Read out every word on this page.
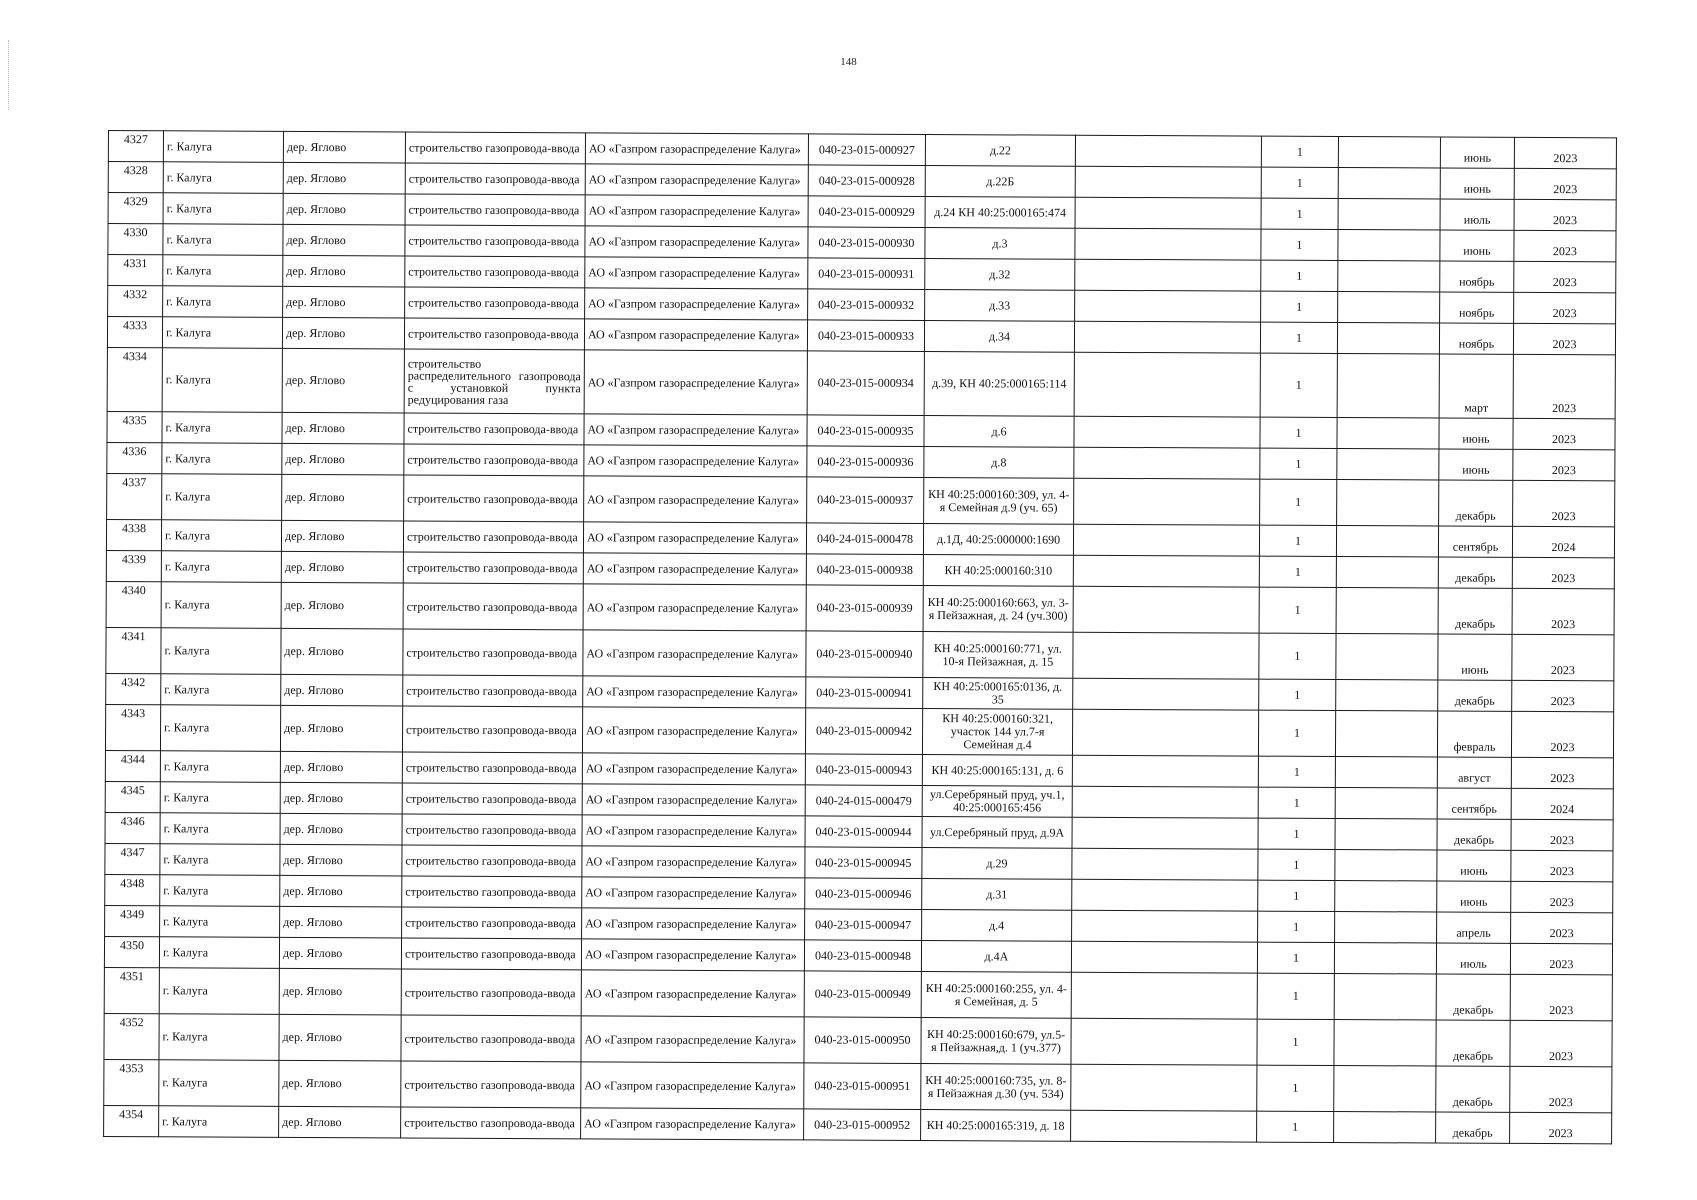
148
4327	г. Калуга	дер. Яглово	строительство газопровода-ввода	АО «Газпром газораспределение Калуга»	040-23-015-000927	д.22		1		июнь	2023
4328	г. Калуга	дер. Яглово	строительство газопровода-ввода	АО «Газпром газораспределение Калуга»	040-23-015-000928	д.22Б		1		июнь	2023
4329	г. Калуга	дер. Яглово	строительство газопровода-ввода	АО «Газпром газораспределение Калуга»	040-23-015-000929	д.24 КН 40:25:000165:474		1		июль	2023
4330	г. Калуга	дер. Яглово	строительство газопровода-ввода	АО «Газпром газораспределение Калуга»	040-23-015-000930	д.3		1		июнь	2023
4331	г. Калуга	дер. Яглово	строительство газопровода-ввода	АО «Газпром газораспределение Калуга»	040-23-015-000931	д.32		1		ноябрь	2023
4332	г. Калуга	дер. Яглово	строительство газопровода-ввода	АО «Газпром газораспределение Калуга»	040-23-015-000932	д.33		1		ноябрь	2023
4333	г. Калуга	дер. Яглово	строительство газопровода-ввода	АО «Газпром газораспределение Калуга»	040-23-015-000933	д.34		1		ноябрь	2023
4334	г. Калуга	дер. Яглово	строительство распределительного газопровода с установкой пункта редуцирования газа	АО «Газпром газораспределение Калуга»	040-23-015-000934	д.39, КН 40:25:000165:114		1		март	2023
4335	г. Калуга	дер. Яглово	строительство газопровода-ввода	АО «Газпром газораспределение Калуга»	040-23-015-000935	д.6		1		июнь	2023
4336	г. Калуга	дер. Яглово	строительство газопровода-ввода	АО «Газпром газораспределение Калуга»	040-23-015-000936	д.8		1		июнь	2023
4337	г. Калуга	дер. Яглово	строительство газопровода-ввода	АО «Газпром газораспределение Калуга»	040-23-015-000937	КН 40:25:000160:309, ул. 4-я Семейная д.9 (уч. 65)		1		декабрь	2023
4338	г. Калуга	дер. Яглово	строительство газопровода-ввода	АО «Газпром газораспределение Калуга»	040-24-015-000478	д.1Д, 40:25:000000:1690		1		сентябрь	2024
4339	г. Калуга	дер. Яглово	строительство газопровода-ввода	АО «Газпром газораспределение Калуга»	040-23-015-000938	КН 40:25:000160:310		1		декабрь	2023
4340	г. Калуга	дер. Яглово	строительство газопровода-ввода	АО «Газпром газораспределение Калуга»	040-23-015-000939	КН 40:25:000160:663, ул. 3-я Пейзажная, д. 24 (уч.300)		1		декабрь	2023
4341	г. Калуга	дер. Яглово	строительство газопровода-ввода	АО «Газпром газораспределение Калуга»	040-23-015-000940	КН 40:25:000160:771, ул. 10-я Пейзажная, д. 15		1		июнь	2023
4342	г. Калуга	дер. Яглово	строительство газопровода-ввода	АО «Газпром газораспределение Калуга»	040-23-015-000941	КН 40:25:000165:0136, д. 35		1		декабрь	2023
4343	г. Калуга	дер. Яглово	строительство газопровода-ввода	АО «Газпром газораспределение Калуга»	040-23-015-000942	КН 40:25:000160:321, участок 144 ул.7-я Семейная д.4		1		февраль	2023
4344	г. Калуга	дер. Яглово	строительство газопровода-ввода	АО «Газпром газораспределение Калуга»	040-23-015-000943	КН 40:25:000165:131, д. 6		1		август	2023
4345	г. Калуга	дер. Яглово	строительство газопровода-ввода	АО «Газпром газораспределение Калуга»	040-24-015-000479	ул.Серебряный пруд, уч.1, 40:25:000165:456		1		сентябрь	2024
4346	г. Калуга	дер. Яглово	строительство газопровода-ввода	АО «Газпром газораспределение Калуга»	040-23-015-000944	ул.Серебряный пруд, д.9А		1		декабрь	2023
4347	г. Калуга	дер. Яглово	строительство газопровода-ввода	АО «Газпром газораспределение Калуга»	040-23-015-000945	д.29		1		июнь	2023
4348	г. Калуга	дер. Яглово	строительство газопровода-ввода	АО «Газпром газораспределение Калуга»	040-23-015-000946	д.31		1		июнь	2023
4349	г. Калуга	дер. Яглово	строительство газопровода-ввода	АО «Газпром газораспределение Калуга»	040-23-015-000947	д.4		1		апрель	2023
4350	г. Калуга	дер. Яглово	строительство газопровода-ввода	АО «Газпром газораспределение Калуга»	040-23-015-000948	д.4А		1		июль	2023
4351	г. Калуга	дер. Яглово	строительство газопровода-ввода	АО «Газпром газораспределение Калуга»	040-23-015-000949	КН 40:25:000160:255, ул. 4-я Семейная, д. 5		1		декабрь	2023
4352	г. Калуга	дер. Яглово	строительство газопровода-ввода	АО «Газпром газораспределение Калуга»	040-23-015-000950	КН 40:25:000160:679, ул.5-я Пейзажная,д. 1 (уч.377)		1		декабрь	2023
4353	г. Калуга	дер. Яглово	строительство газопровода-ввода	АО «Газпром газораспределение Калуга»	040-23-015-000951	КН 40:25:000160:735, ул. 8-я Пейзажная д.30 (уч. 534)		1		декабрь	2023
4354	г. Калуга	дер. Яглово	строительство газопровода-ввода	АО «Газпром газораспределение Калуга»	040-23-015-000952	КН 40:25:000165:319, д. 18		1		декабрь	2023
